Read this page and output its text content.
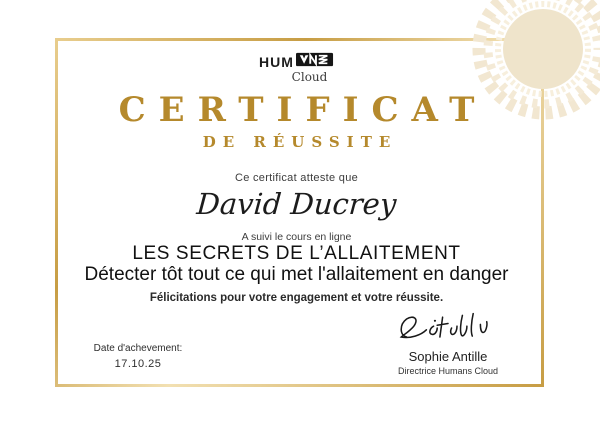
HUM
Cloud
CERTIFICAT
DE RÉUSSITE
Ce certificat atteste que
David Ducrey
A suivi le cours en ligne
LES SECRETS DE L’ALLAITEMENT
Détecter tôt tout ce qui met l'allaitement en danger
Félicitations pour votre engagement et votre réussite.
Date d'achevement:
17.10.25	Sophie Antille
Directrice Humans Cloud
